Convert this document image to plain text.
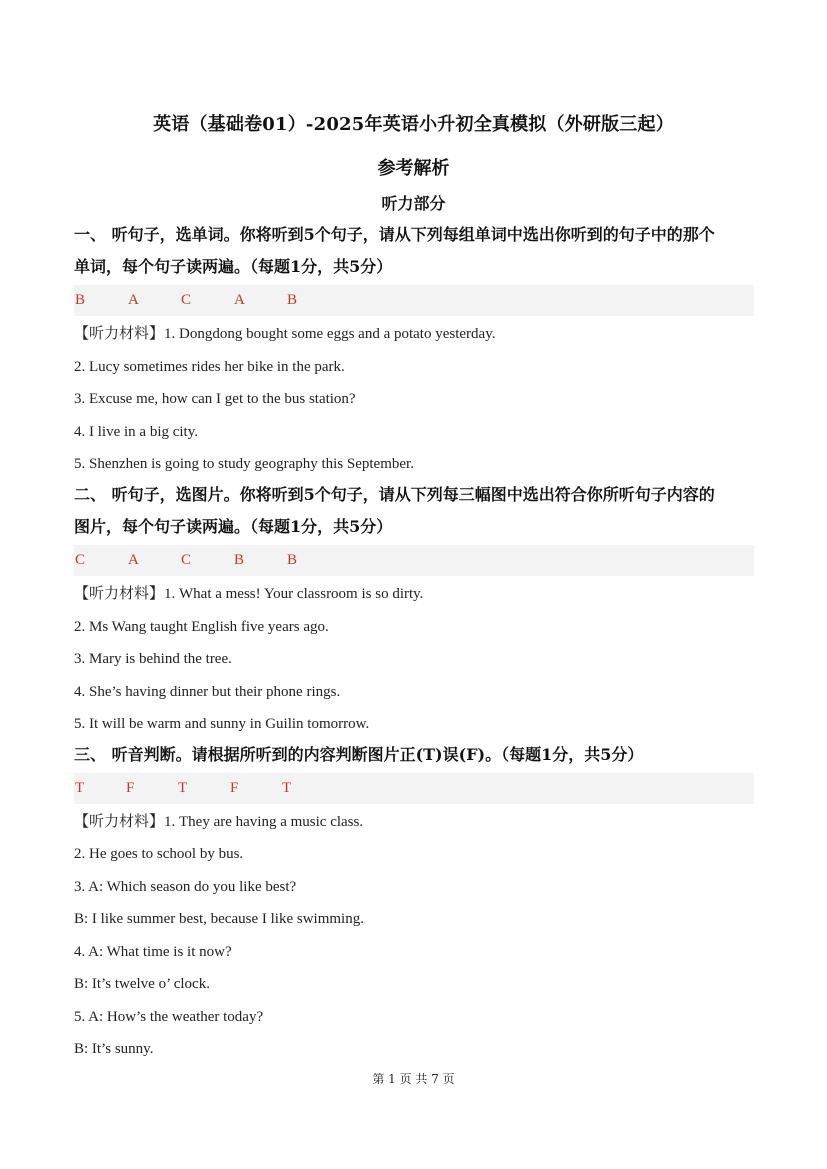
英语（基础卷01）-2025年英语小升初全真模拟（外研版三起）
参考解析
听力部分
一、 听句子，选单词。你将听到5个句子，请从下列每组单词中选出你听到的句子中的那个
单词，每个句子读两遍。（每题1分，共5分）
B	A	C	A	B
【听力材料】1. Dongdong bought some eggs and a potato yesterday.
2. Lucy sometimes rides her bike in the park.
3. Excuse me, how can I get to the bus station?
4. I live in a big city.
5. Shenzhen is going to study geography this September.
二、 听句子，选图片。你将听到5个句子，请从下列每三幅图中选出符合你所听句子内容的
图片，每个句子读两遍。（每题1分，共5分）
C	A	C	B	B
【听力材料】1. What a mess! Your classroom is so dirty.
2. Ms Wang taught English five years ago.
3. Mary is behind the tree.
4. She’s having dinner but their phone rings.
5. It will be warm and sunny in Guilin tomorrow.
三、 听音判断。请根据所听到的内容判断图片正(T)误(F)。（每题1分，共5分）
T	F	T	F	T
【听力材料】1. They are having a music class.
2. He goes to school by bus.
3. A: Which season do you like best?
B: I like summer best, because I like swimming.
4. A: What time is it now?
B: It’s twelve o’ clock.
5. A: How’s the weather today?
B: It’s sunny.
第 1 页 共 7 页
